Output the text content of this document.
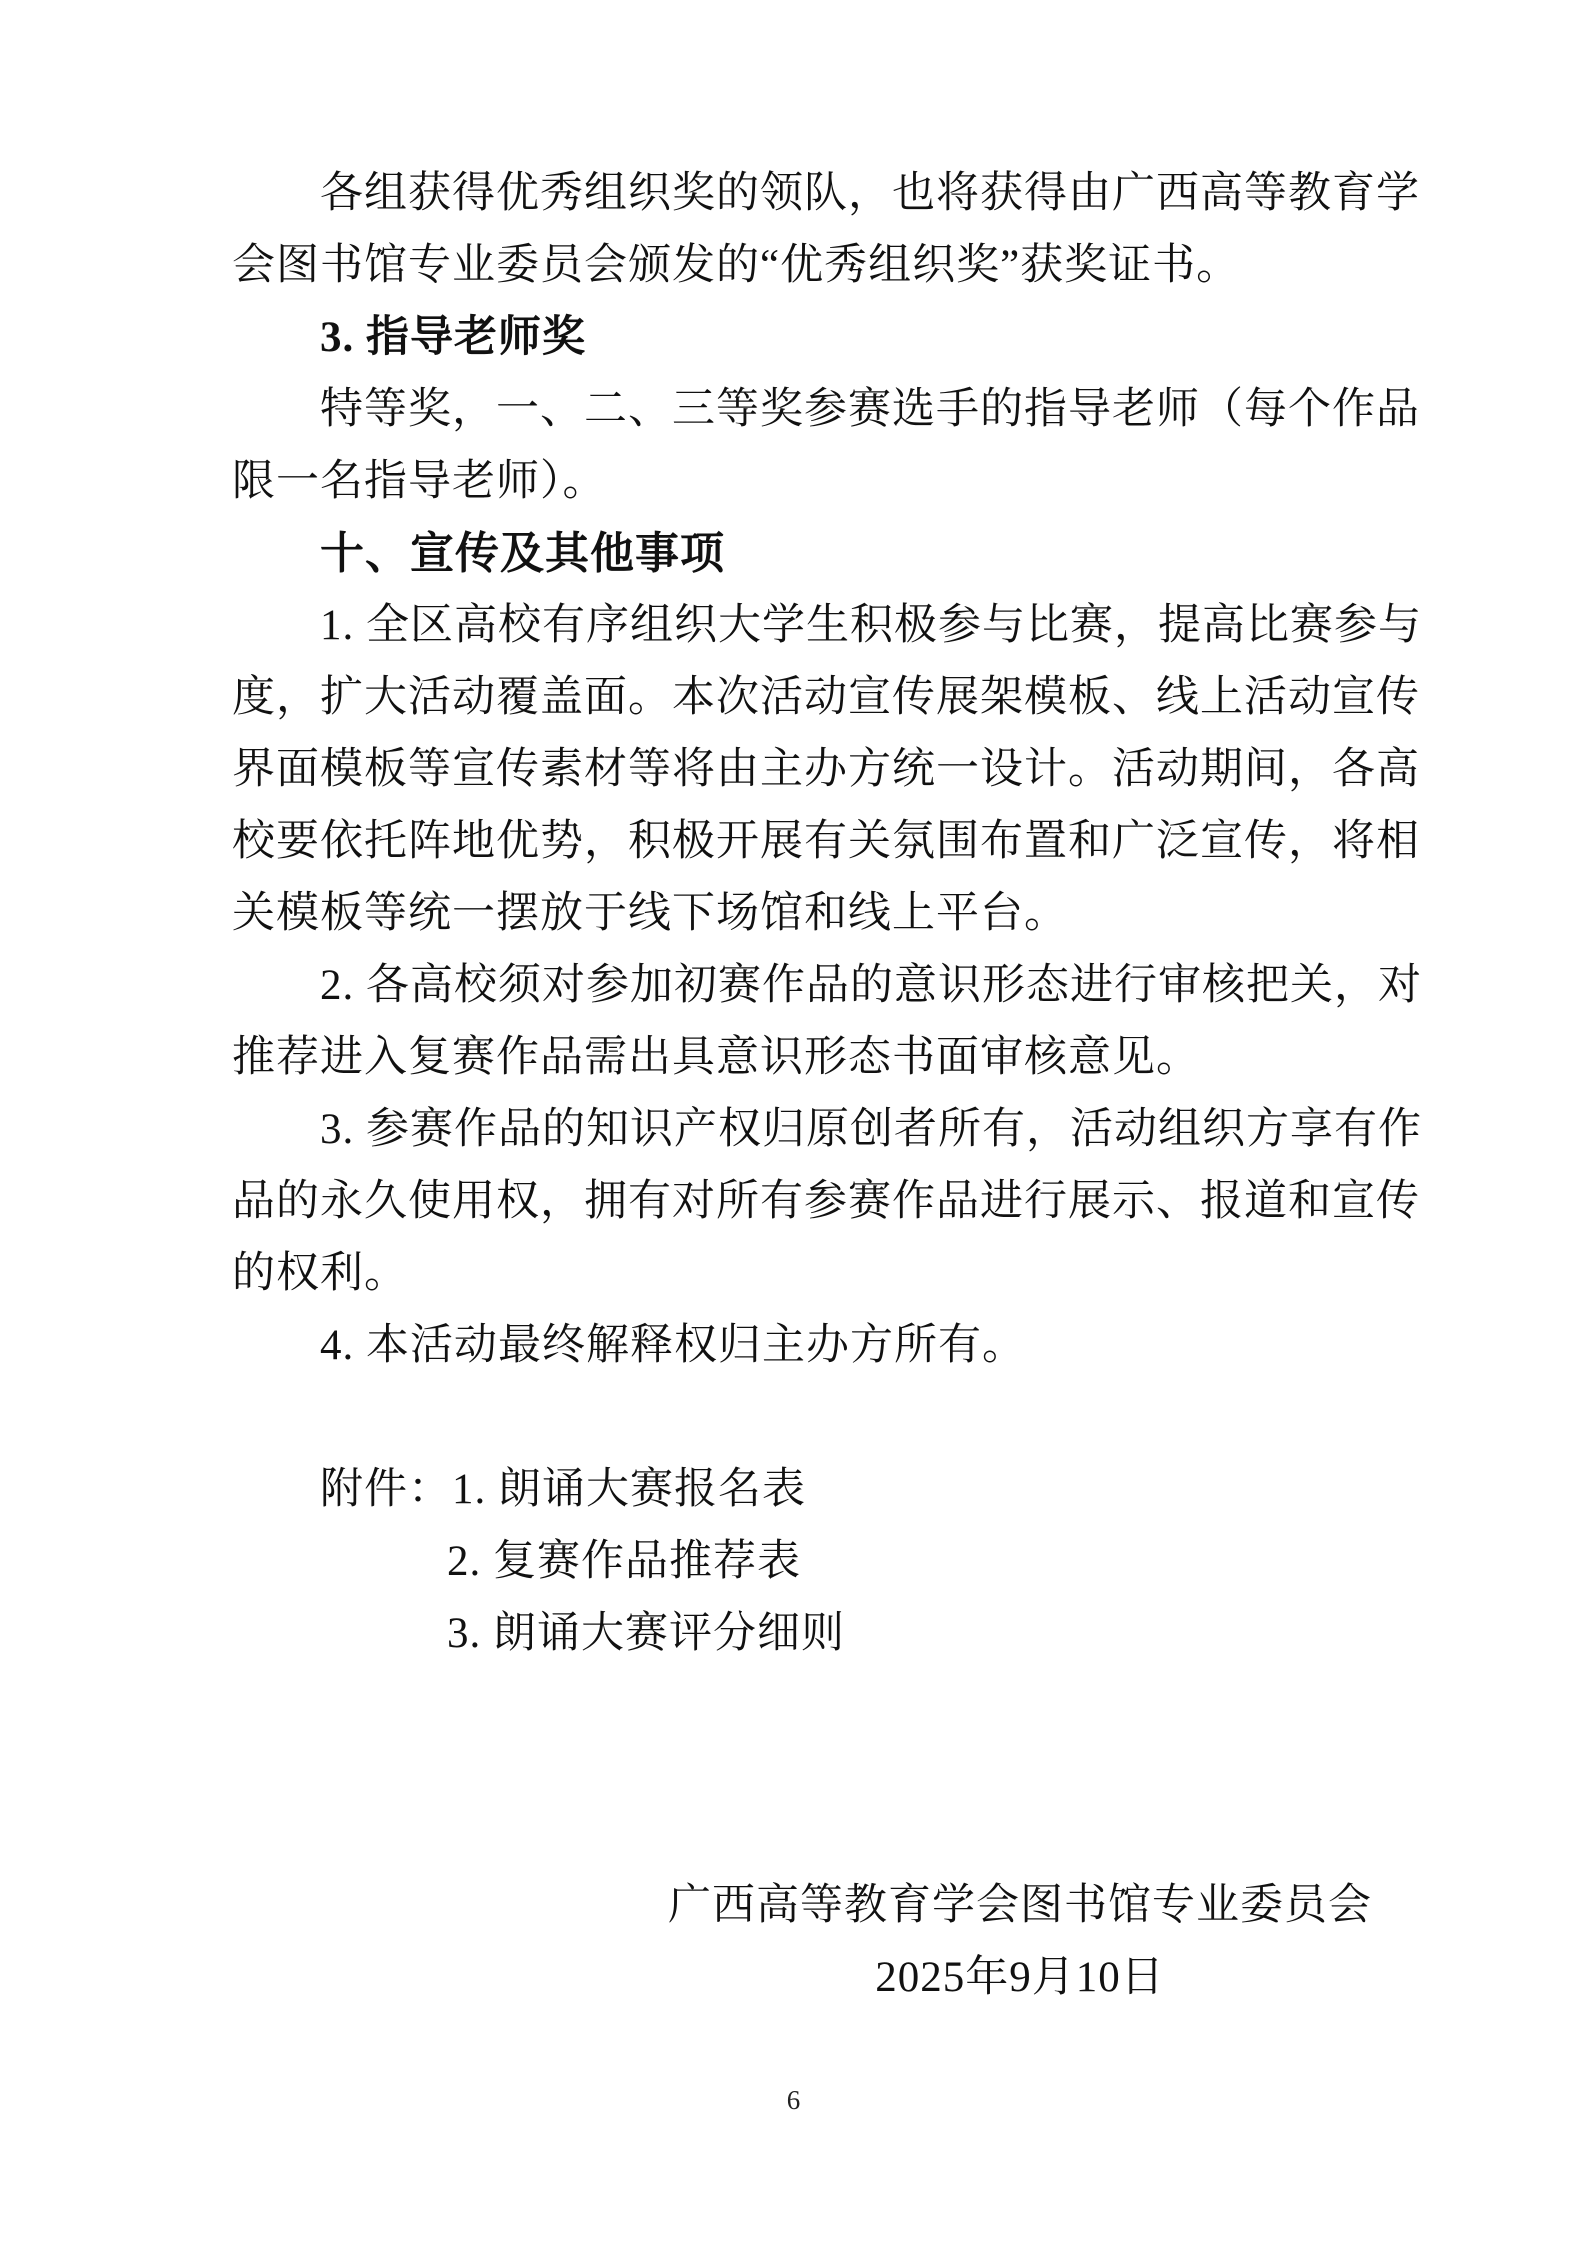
各组获得优秀组织奖的领队，也将获得由广西高等教育学
会图书馆专业委员会颁发的“优秀组织奖”获奖证书。
3. 指导老师奖
特等奖，一、二、三等奖参赛选手的指导老师（每个作品
限一名指导老师）。
十、宣传及其他事项
1. 全区高校有序组织大学生积极参与比赛，提高比赛参与
度，扩大活动覆盖面。本次活动宣传展架模板、线上活动宣传
界面模板等宣传素材等将由主办方统一设计。活动期间，各高
校要依托阵地优势，积极开展有关氛围布置和广泛宣传，将相
关模板等统一摆放于线下场馆和线上平台。
2. 各高校须对参加初赛作品的意识形态进行审核把关，对
推荐进入复赛作品需出具意识形态书面审核意见。
3. 参赛作品的知识产权归原创者所有，活动组织方享有作
品的永久使用权，拥有对所有参赛作品进行展示、报道和宣传
的权利。
4. 本活动最终解释权归主办方所有。
附件：1. 朗诵大赛报名表
2. 复赛作品推荐表
3. 朗诵大赛评分细则
广西高等教育学会图书馆专业委员会
2025年9月10日
6
